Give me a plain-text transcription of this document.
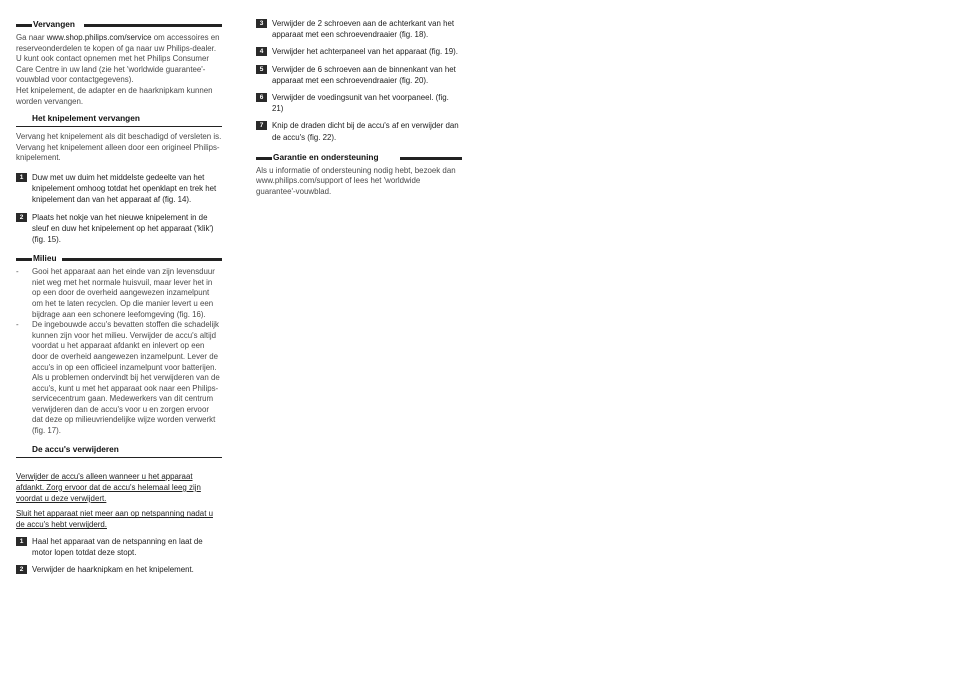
Vervangen
Ga naar www.shop.philips.com/service om accessoires en reserveonderdelen te kopen of ga naar uw Philips-dealer. U kunt ook contact opnemen met het Philips Consumer Care Centre in uw land (zie het 'worldwide guarantee'-vouwblad voor contactgegevens).
Het knipelement, de adapter en de haarknipkam kunnen worden vervangen.
Het knipelement vervangen
Vervang het knipelement als dit beschadigd of versleten is. Vervang het knipelement alleen door een origineel Philips-knipelement.
1	Duw met uw duim het middelste gedeelte van het knipelement omhoog totdat het openklapt en trek het knipelement dan van het apparaat af (fig. 14).
2	Plaats het nokje van het nieuwe knipelement in de sleuf en duw het knipelement op het apparaat ('klik') (fig. 15).
Milieu
- Gooi het apparaat aan het einde van zijn levensduur niet weg met het normale huisvuil, maar lever het in op een door de overheid aangewezen inzamelpunt om het te laten recyclen. Op die manier levert u een bijdrage aan een schonere leefomgeving (fig. 16).
- De ingebouwde accu's bevatten stoffen die schadelijk kunnen zijn voor het milieu. Verwijder de accu's altijd voordat u het apparaat afdankt en inlevert op een door de overheid aangewezen inzamelpunt. Lever de accu's in op een officieel inzamelpunt voor batterijen. Als u problemen ondervindt bij het verwijderen van de accu's, kunt u met het apparaat ook naar een Philips-servicecentrum gaan. Medewerkers van dit centrum verwijderen dan de accu's voor u en zorgen ervoor dat deze op milieuvriendelijke wijze worden verwerkt (fig. 17).
De accu's verwijderen
Verwijder de accu's alleen wanneer u het apparaat afdankt. Zorg ervoor dat de accu's helemaal leeg zijn voordat u deze verwijdert.
Sluit het apparaat niet meer aan op netspanning nadat u de accu's hebt verwijderd.
1	Haal het apparaat van de netspanning en laat de motor lopen totdat deze stopt.
2	Verwijder de haarknipkam en het knipelement.
3	Verwijder de 2 schroeven aan de achterkant van het apparaat met een schroevendraaier (fig. 18).
4	Verwijder het achterpaneel van het apparaat (fig. 19).
5	Verwijder de 6 schroeven aan de binnenkant van het apparaat met een schroevendraaier (fig. 20).
6	Verwijder de voedingsunit van het voorpaneel. (fig. 21)
7	Knip de draden dicht bij de accu's af en verwijder dan de accu's (fig. 22).
Garantie en ondersteuning
Als u informatie of ondersteuning nodig hebt, bezoek dan www.philips.com/support of lees het 'worldwide guarantee'-vouwblad.
